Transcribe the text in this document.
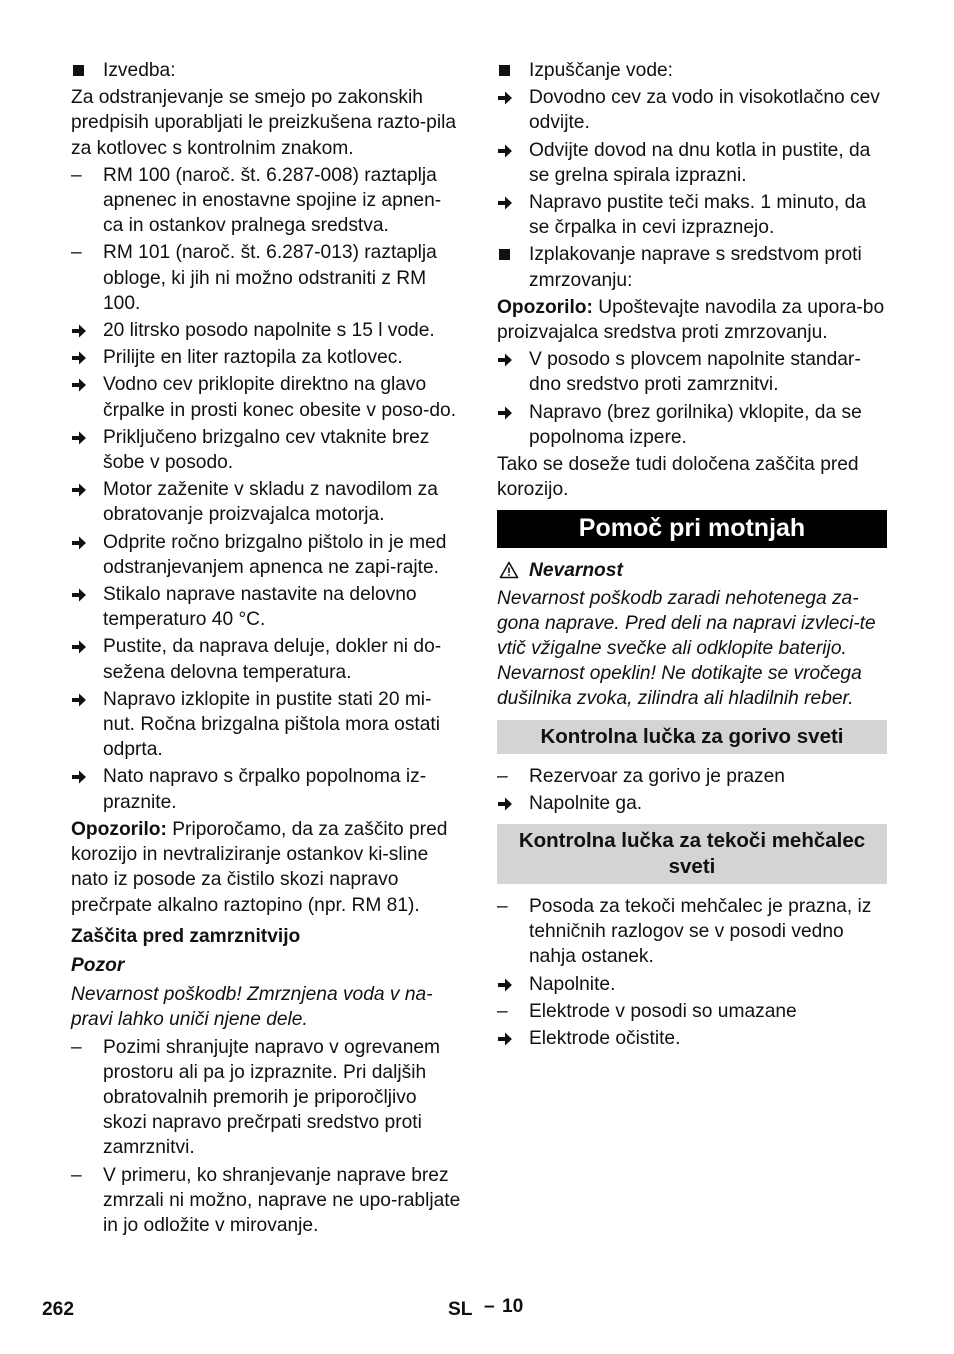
Izvedba:
Za odstranjevanje se smejo po zakonskih predpisih uporabljati le preizkušena razto-pila za kotlovec s kontrolnim znakom.
RM 100 (naroč. št. 6.287-008) raztaplja apnenec in enostavne spojine iz apnen-ca in ostankov pralnega sredstva.
RM 101 (naroč. št. 6.287-013) raztaplja obloge, ki jih ni možno odstraniti z RM 100.
20 litrsko posodo napolnite s 15 l vode.
Prilijte en liter raztopila za kotlovec.
Vodno cev priklopite direktno na glavo črpalke in prosti konec obesite v poso-do.
Priključeno brizgalno cev vtaknite brez šobe v posodo.
Motor zaženite v skladu z navodilom za obratovanje proizvajalca motorja.
Odprite ročno brizgalno pištolo in je med odstranjevanjem apnenca ne zapi-rajte.
Stikalo naprave nastavite na delovno temperaturo 40 °C.
Pustite, da naprava deluje, dokler ni do-sežena delovna temperatura.
Napravo izklopite in pustite stati 20 mi-nut. Ročna brizgalna pištola mora ostati odprta.
Nato napravo s črpalko popolnoma iz-praznite.
Opozorilo: Priporočamo, da za zaščito pred korozijo in nevtraliziranje ostankov ki-sline nato iz posode za čistilo skozi napravo prečrpate alkalno raztopino (npr. RM 81).
Zaščita pred zamrznitvijo
Pozor
Nevarnost poškodb! Zmrznjena voda v na-pravi lahko uniči njene dele.
Pozimi shranjujte napravo v ogrevanem prostoru ali pa jo izpraznite. Pri daljših obratovalnih premorih je priporočljivo skozi napravo prečrpati sredstvo proti zamrznitvi.
V primeru, ko shranjevanje naprave brez zmrzali ni možno, naprave ne upo-rabljate in jo odložite v mirovanje.
Izpuščanje vode:
Dovodno cev za vodo in visokotlačno cev odvijte.
Odvijte dovod na dnu kotla in pustite, da se grelna spirala izprazni.
Napravo pustite teči maks. 1 minuto, da se črpalka in cevi izpraznejo.
Izplakovanje naprave s sredstvom proti zmrzovanju:
Opozorilo: Upoštevajte navodila za upora-bo proizvajalca sredstva proti zmrzovanju.
V posodo s plovcem napolnite standar-dno sredstvo proti zamrznitvi.
Napravo (brez gorilnika) vklopite, da se popolnoma izpere.
Tako se doseže tudi določena zaščita pred korozijo.
Pomoč pri motnjah
Nevarnost
Nevarnost poškodb zaradi nehotenega za-gona naprave. Pred deli na napravi izvleci-te vtič vžigalne svečke ali odklopite baterijo. Nevarnost opeklin! Ne dotikajte se vročega dušilnika zvoka, zilindra ali hladilnih reber.
Kontrolna lučka za gorivo sveti
Rezervoar za gorivo je prazen
Napolnite ga.
Kontrolna lučka za tekoči mehčalec sveti
Posoda za tekoči mehčalec je prazna, iz tehničnih razlogov se v posodi vedno nahja ostanek.
Napolnite.
Elektrode v posodi so umazane
Elektrode očistite.
262	SL – 10
